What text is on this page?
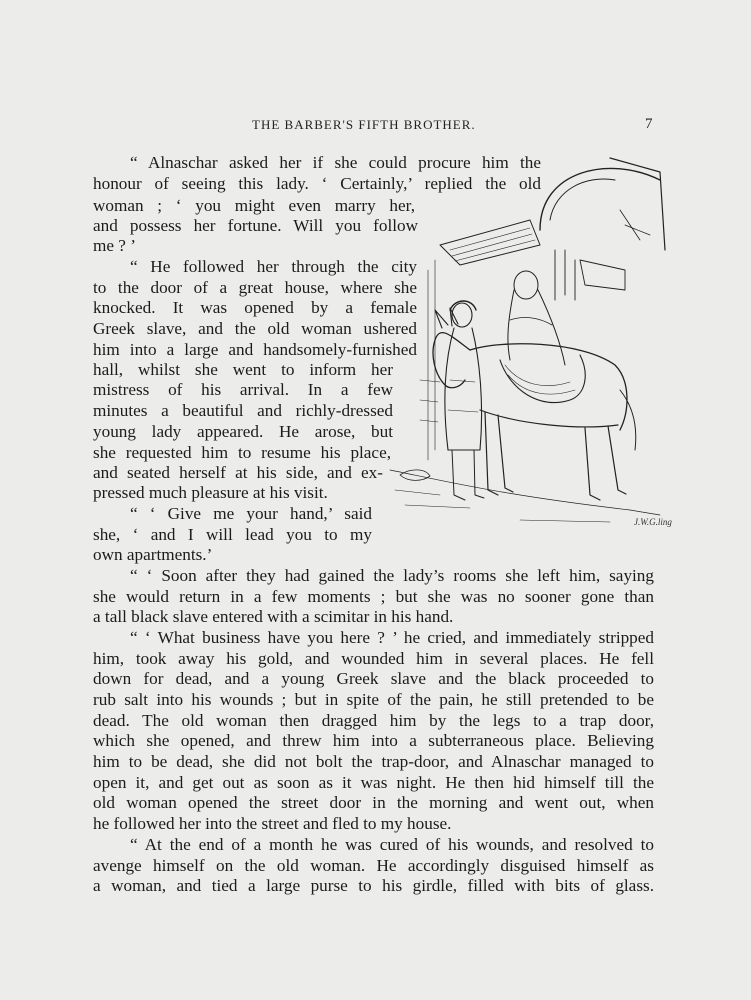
THE BARBER'S FIFTH BROTHER.	7
J.W.G.ling
“ Alnaschar asked her if she could procure him the
honour of seeing this lady. ‘ Certainly,’ replied the old
woman ; ‘ you might even marry her,
and possess her fortune. Will you follow
me ? ’
“ He followed her through the city
to the door of a great house, where she
knocked. It was opened by a female
Greek slave, and the old woman ushered
him into a large and handsomely-furnished
hall, whilst she went to inform her
mistress of his arrival. In a few
minutes a beautiful and richly-dressed
young lady appeared. He arose, but
she requested him to resume his place,
and seated herself at his side, and ex-
pressed much pleasure at his visit.
“ ‘ Give me your hand,’ said
she, ‘ and I will lead you to my
own apartments.’
“ ‘ Soon after they had gained the lady’s rooms she left him, saying
she would return in a few moments ; but she was no sooner gone than
a tall black slave entered with a scimitar in his hand.
“ ‘ What business have you here ? ’ he cried, and immediately stripped
him, took away his gold, and wounded him in several places. He fell
down for dead, and a young Greek slave and the black proceeded to
rub salt into his wounds ; but in spite of the pain, he still pretended to be
dead. The old woman then dragged him by the legs to a trap door,
which she opened, and threw him into a subterraneous place. Believing
him to be dead, she did not bolt the trap-door, and Alnaschar managed to
open it, and get out as soon as it was night. He then hid himself till the
old woman opened the street door in the morning and went out, when
he followed her into the street and fled to my house.
“ At the end of a month he was cured of his wounds, and resolved to
avenge himself on the old woman. He accordingly disguised himself as
a woman, and tied a large purse to his girdle, filled with bits of glass.
